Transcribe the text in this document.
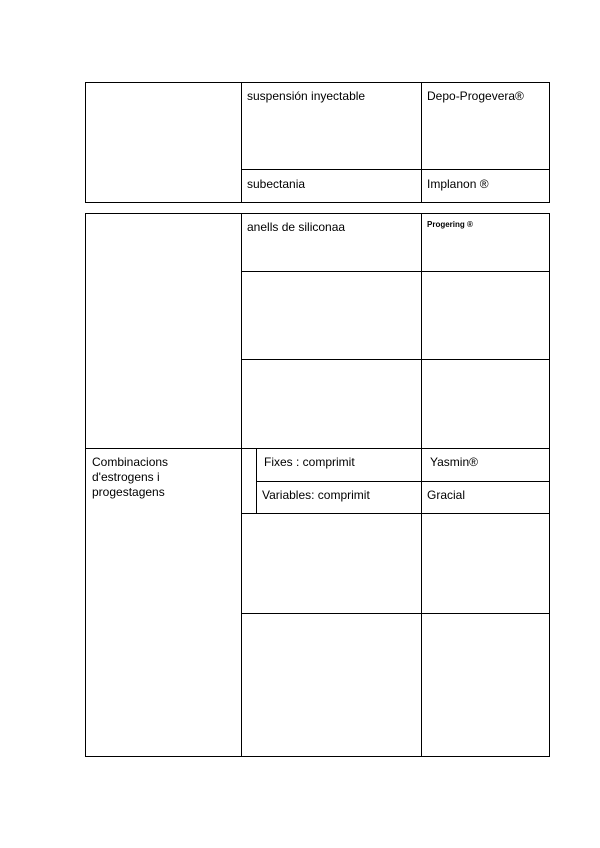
suspensión inyectable	Depo-Progevera®
subectania	Implanon ®
anells de siliconaa	Progering ®
Combinacions d'estrogens i progestagens
Fixes : comprimit	Yasmin®
Variables: comprimit	Gracial
